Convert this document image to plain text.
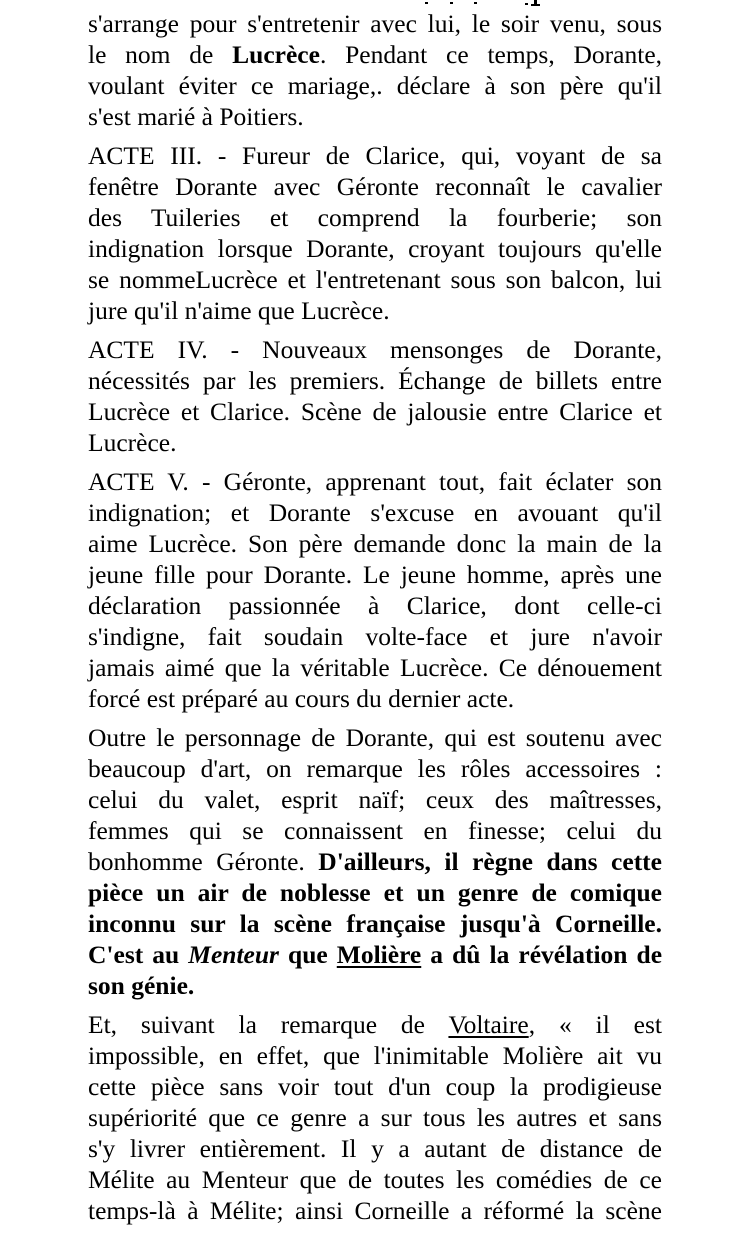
s'arrange pour s'entretenir avec lui, le soir venu, sous
le nom de Lucrèce. Pendant ce temps, Dorante,
voulant éviter ce mariage,. déclare à son père qu'il
s'est marié à Poitiers.
ACTE III. - Fureur de Clarice, qui, voyant de sa
fenêtre Dorante avec Géronte reconnaît le cavalier
des Tuileries et comprend la fourberie; son
indignation lorsque Dorante, croyant toujours qu'elle
se nommeLucrèce et l'entretenant sous son balcon, lui
jure qu'il n'aime que Lucrèce.
ACTE IV. - Nouveaux mensonges de Dorante,
nécessités par les premiers. Échange de billets entre
Lucrèce et Clarice. Scène de jalousie entre Clarice et
Lucrèce.
ACTE V. - Géronte, apprenant tout, fait éclater son
indignation; et Dorante s'excuse en avouant qu'il
aime Lucrèce. Son père demande donc la main de la
jeune fille pour Dorante. Le jeune homme, après une
déclaration passionnée à Clarice, dont celle-ci
s'indigne, fait soudain volte-face et jure n'avoir
jamais aimé que la véritable Lucrèce. Ce dénouement
forcé est préparé au cours du dernier acte.
Outre le personnage de Dorante, qui est soutenu avec
beaucoup d'art, on remarque les rôles accessoires :
celui du valet, esprit naïf; ceux des maîtresses,
femmes qui se connaissent en finesse; celui du
bonhomme Géronte. D'ailleurs, il règne dans cette
pièce un air de noblesse et un genre de comique
inconnu sur la scène française jusqu'à Corneille.
C'est au Menteur que Molière a dû la révélation de
son génie.
Et, suivant la remarque de Voltaire, « il est
impossible, en effet, que l'inimitable Molière ait vu
cette pièce sans voir tout d'un coup la prodigieuse
supériorité que ce genre a sur tous les autres et sans
s'y livrer entièrement. Il y a autant de distance de
Mélite au Menteur que de toutes les comédies de ce
temps-là à Mélite; ainsi Corneille a réformé la scène
